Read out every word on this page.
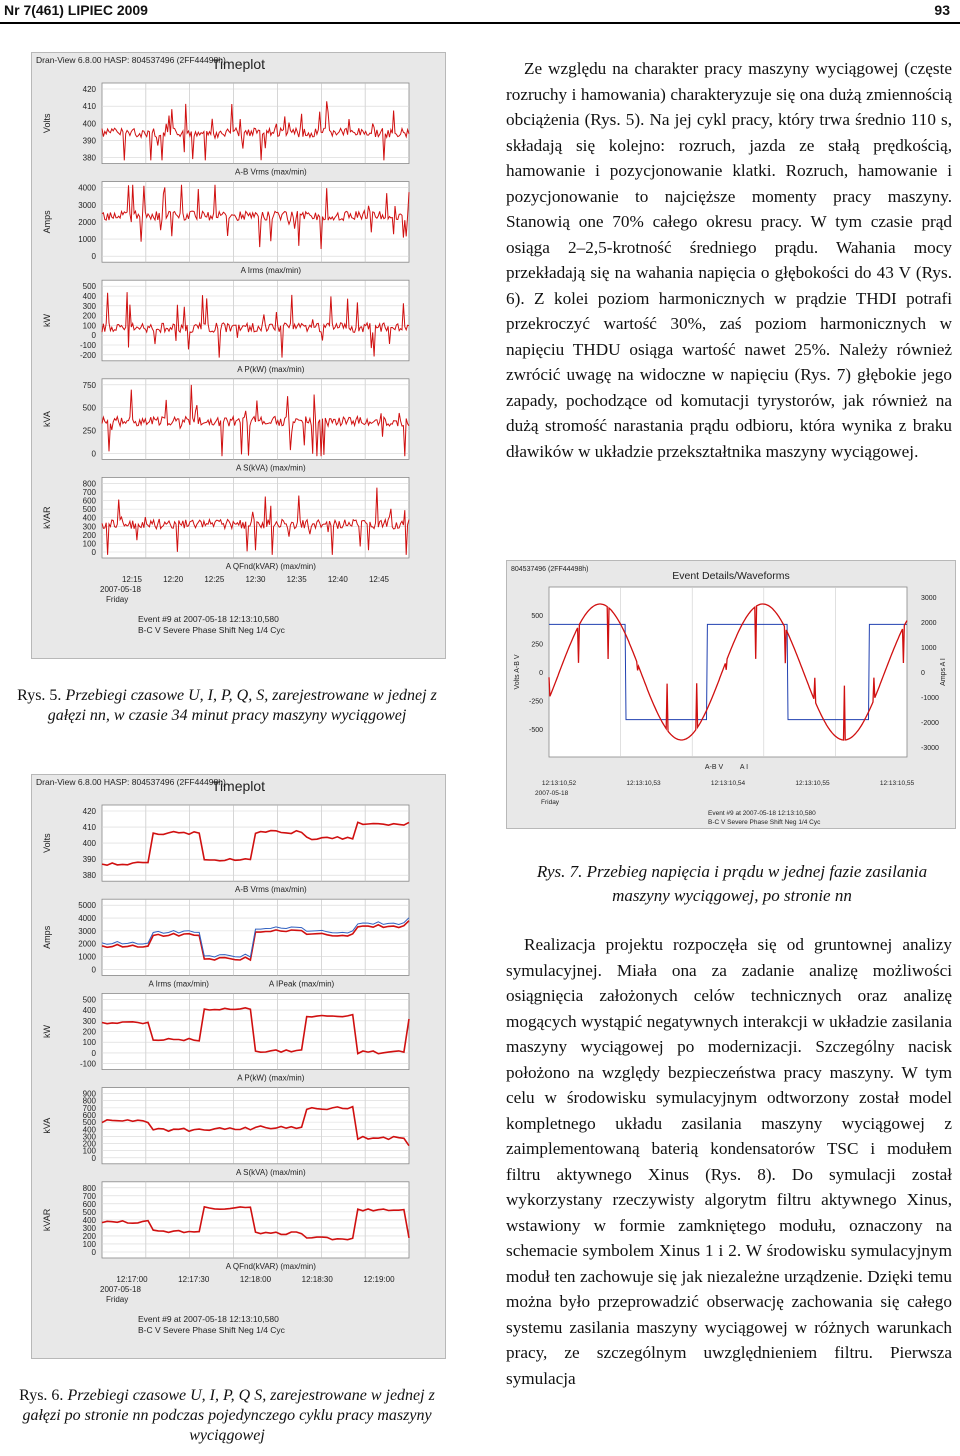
Nr 7(461) LIPIEC 2009	93
Dran-View 6.8.00 HASP: 804537496 (2FF44498h)
Timeplot
Volts
420
410
400
390
380
A-B Vrms (max/min)
Amps
4000
3000
2000
1000
0
A Irms (max/min)
kW
500
400
300
200
100
0
-100
-200
A P(kW) (max/min)
kVA
750
500
250
0
A S(kVA) (max/min)
kVAR
800
700
600
500
400
300
200
100
0
A QFnd(kVAR) (max/min)
12:15	12:20	12:25	12:30	12:35	12:40	12:45
2007-05-18
Friday
Event #9 at 2007-05-18 12:13:10,580
B-C V Severe Phase Shift Neg 1/4 Cyc
Rys. 5. Przebiegi czasowe U, I, P, Q, S, zarejestrowane w jednej z gałęzi nn, w czasie 34 minut pracy maszyny wyciągowej
Dran-View 6.8.00 HASP: 804537496 (2FF44498h)
Timeplot
Volts
420
410
400
390
380
A-B Vrms (max/min)
Amps
5000
4000
3000
2000
1000
0
A Irms (max/min)	A IPeak (max/min)
kW
500
400
300
200
100
0
-100
A P(kW) (max/min)
kVA
900
800
700
600
500
400
300
200
100
0
A S(kVA) (max/min)
kVAR
800
700
600
500
400
300
200
100
0
A QFnd(kVAR) (max/min)
12:17:00	12:17:30	12:18:00	12:18:30	12:19:00
2007-05-18
Friday
Event #9 at 2007-05-18 12:13:10,580
B-C V Severe Phase Shift Neg 1/4 Cyc
Rys. 6. Przebiegi czasowe U, I, P, Q S, zarejestrowane w jednej z gałęzi po stronie nn podczas pojedynczego cyklu pracy maszyny wyciągowej
804537496 (2FF44498h)
Event Details/Waveforms
Volts A-B V	Amps A I
500
250
0
-250
-500
3000
2000
1000
0
-1000
-2000
-3000
A-B V A I
12:13:10,52	12:13:10,53	12:13:10,54	12:13:10,55	12:13:10,55
2007-05-18
Friday
Event #9 at 2007-05-18 12:13:10,580
B-C V Severe Phase Shift Neg 1/4 Cyc
Rys. 7. Przebieg napięcia i prądu w jednej fazie zasilania maszyny wyciągowej, po stronie nn

Ze względu na charakter pracy maszyny wyciągowej (częste rozruchy i hamowania) charakteryzuje się ona dużą zmiennością obciążenia (Rys. 5). Na jej cykl pracy, który trwa średnio 110 s, składają się kolejno: rozruch, jazda ze stałą prędkością, hamowanie i pozycjonowanie klatki. Rozruch, hamowanie i pozycjonowanie to najcięższe momenty pracy maszyny. Stanowią one 70% całego okresu pracy. W tym czasie prąd osiąga 2–2,5-krotność średniego prądu. Wahania mocy przekładają się na wahania napięcia o głębokości do 43 V (Rys. 6). Z kolei poziom harmonicznych w prądzie THDI potrafi przekroczyć wartość 30%, zaś poziom harmonicznych w napięciu THDU osiąga wartość nawet 25%. Należy również zwrócić uwagę na widoczne w napięciu (Rys. 7) głębokie jego zapady, pochodzące od komutacji tyrystorów, jak również na dużą stromość narastania prądu odbioru, która wynika z braku dławików w układzie przekształtnika maszyny wyciągowej.

Realizacja projektu rozpoczęła się od gruntownej analizy symulacyjnej. Miała ona za zadanie analizę możliwości osiągnięcia założonych celów technicznych oraz analizę mogących wystąpić negatywnych interakcji w układzie zasilania maszyny wyciągowej po modernizacji. Szczególny nacisk położono na względy bezpieczeństwa pracy maszyny. W tym celu w środowisku symulacyjnym odtworzony został model kompletnego układu zasilania maszyny wyciągowej z zaimplementowaną baterią kondensatorów TSC i modułem filtru aktywnego Xinus (Rys. 8). Do symulacji został wykorzystany rzeczywisty algorytm filtru aktywnego Xinus, wstawiony w formie zamkniętego modułu, oznaczony na schemacie symbolem Xinus 1 i 2. W środowisku symulacyjnym moduł ten zachowuje się jak niezależne urządzenie. Dzięki temu można było przeprowadzić obserwację zachowania się całego systemu zasilania maszyny wyciągowej w różnych warunkach pracy, ze szczególnym uwzględnieniem filtru. Pierwsza symulacja
